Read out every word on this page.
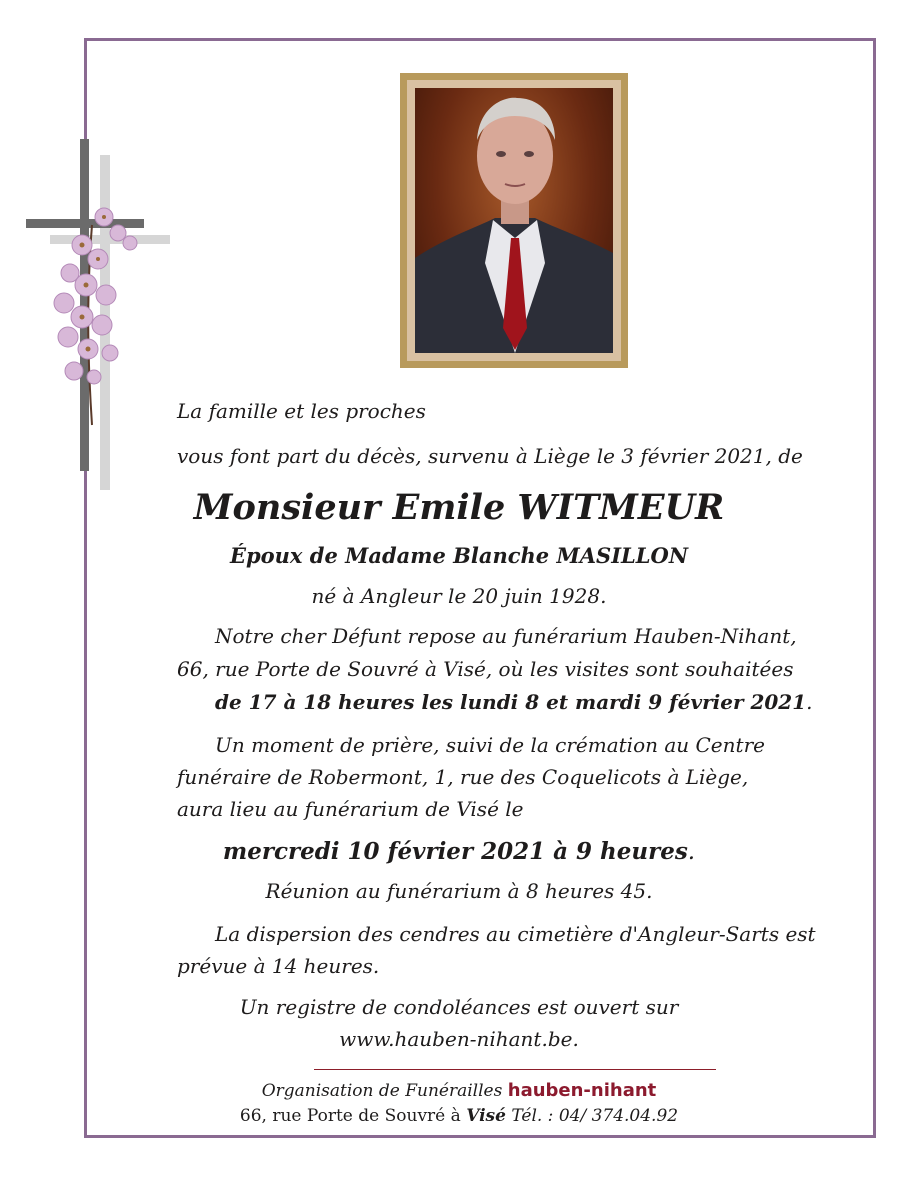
La famille et les proches
vous font part du décès, survenu à Liège le 3 février 2021, de
Monsieur Emile WITMEUR
Époux de Madame Blanche MASILLON
né à Angleur le 20 juin 1928.
Notre cher Défunt repose au funérarium Hauben-Nihant,
66, rue Porte de Souvré à Visé, où les visites sont souhaitées
de 17 à 18 heures les lundi 8 et mardi 9 février 2021.
Un moment de prière, suivi de la crémation au Centre
funéraire de Robermont, 1, rue des Coquelicots à Liège,
aura lieu au funérarium de Visé le
mercredi 10 février 2021 à 9 heures.
Réunion au funérarium à 8 heures 45.
La dispersion des cendres au cimetière d'Angleur-Sarts est
prévue à 14 heures.
Un registre de condoléances est ouvert sur
www.hauben-nihant.be.
Organisation de Funérailles hauben-nihant
66, rue Porte de Souvré à Visé Tél. : 04/ 374.04.92
